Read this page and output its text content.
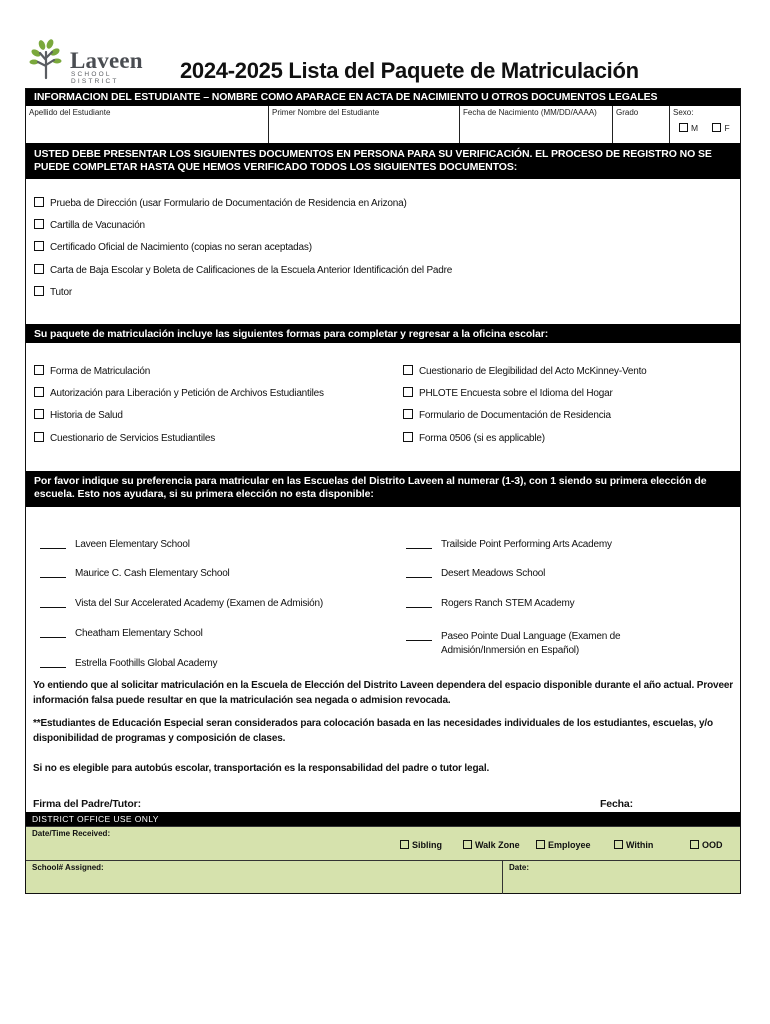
Laveen
SCHOOL DISTRICT	2024-2025 Lista del Paquete de Matriculación
INFORMACION DEL ESTUDIANTE – NOMBRE COMO APARACE EN ACTA DE NACIMIENTO U OTROS DOCUMENTOS LEGALES
Apellido del Estudiante	Primer Nombre del Estudiante	Fecha de Nacimiento (MM/DD/AAAA)	Grado	Sexo:
M	F
USTED DEBE PRESENTAR LOS SIGUIENTES DOCUMENTOS EN PERSONA PARA SU VERIFICACIÓN. EL PROCESO DE REGISTRO NO SE PUEDE COMPLETAR HASTA QUE HEMOS VERIFICADO TODOS LOS SIGUIENTES DOCUMENTOS:
Prueba de Dirección (usar Formulario de Documentación de Residencia en Arizona)
Cartilla de Vacunación
Certificado Oficial de Nacimiento (copias no seran aceptadas)
Carta de Baja Escolar y Boleta de Calificaciones de la Escuela Anterior Identificación del Padre
Tutor
Su paquete de matriculación incluye las siguientes formas para completar y regresar a la oficina escolar:
Forma de Matriculación
Autorización para Liberación y Petición de Archivos Estudiantiles
Historia de Salud
Cuestionario de Servicios Estudiantiles
Cuestionario de Elegibilidad del Acto McKinney-Vento
PHLOTE Encuesta sobre el Idioma del Hogar
Formulario de Documentación de Residencia
Forma 0506 (si es applicable)
Por favor indique su preferencia para matricular en las Escuelas del Distrito Laveen al numerar (1-3), con 1 siendo su primera elección de escuela. Esto nos ayudara, si su primera elección no esta disponible:
Laveen Elementary School
Maurice C. Cash Elementary School
Vista del Sur Accelerated Academy (Examen de Admisión)
Cheatham Elementary School
Estrella Foothills Global Academy
Trailside Point Performing Arts Academy
Desert Meadows School
Rogers Ranch STEM Academy
Paseo Pointe Dual Language (Examen de Admisión/Inmersión en Español)
Yo entiendo que al solicitar matriculación en la Escuela de Elección del Distrito Laveen dependera del espacio disponible durante el año actual. Proveer información falsa puede resultar en que la matriculación sea negada o admision revocada.
**Estudiantes de Educación Especial seran considerados para colocación basada en las necesidades individuales de los estudiantes, escuelas, y/o disponibilidad de programas y composición de clases.
Si no es elegible para autobús escolar, transportación es la responsabilidad del padre o tutor legal.
Firma del Padre/Tutor:	Fecha:
DISTRICT OFFICE USE ONLY
Date/Time Received:
Sibling	Walk Zone	Employee	Within	OOD
School# Assigned:	Date:
